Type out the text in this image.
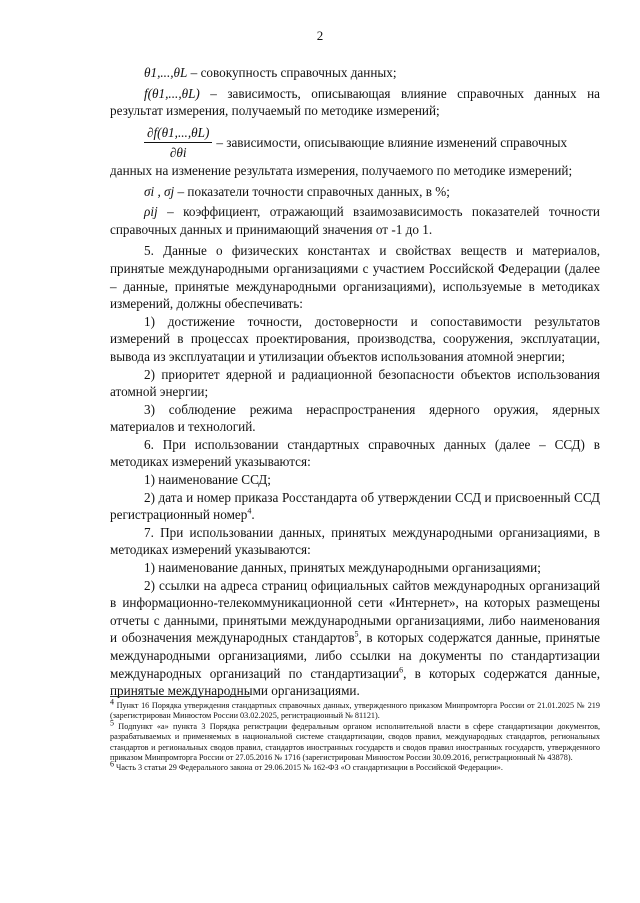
2

θ1,...,θL – совокупность справочных данных;

f(θ1,...,θL) – зависимость, описывающая влияние справочных данных на результат измерения, получаемый по методике измерений;

$\frac{\partial f(\theta 1,...,\theta L)}{\partial\theta i}$ – зависимости, описывающие влияние изменений справочных

данных на изменение результата измерения, получаемого по методике измерений;

σi , σj – показатели точности справочных данных, в %;

ρij – коэффициент, отражающий взаимозависимость показателей точности справочных данных и принимающий значения от -1 до 1.

5. Данные о физических константах и свойствах веществ и материалов, принятые международными организациями с участием Российской Федерации (далее – данные, принятые международными организациями), используемые в методиках измерений, должны обеспечивать:

1) достижение точности, достоверности и сопоставимости результатов измерений в процессах проектирования, производства, сооружения, эксплуатации, вывода из эксплуатации и утилизации объектов использования атомной энергии;

2) приоритет ядерной и радиационной безопасности объектов использования атомной энергии;

3) соблюдение режима нераспространения ядерного оружия, ядерных материалов и технологий.

6. При использовании стандартных справочных данных (далее – ССД) в методиках измерений указываются:

1) наименование ССД;

2) дата и номер приказа Росстандарта об утверждении ССД и присвоенный ССД регистрационный номер$^4$.

7. При использовании данных, принятых международными организациями, в методиках измерений указываются:

1) наименование данных, принятых международными организациями;

2) ссылки на адреса страниц официальных сайтов международных организаций в информационно-телекоммуникационной сети «Интернет», на которых размещены отчеты с данными, принятыми международными организациями, либо наименования и обозначения международных стандартов$^5$, в которых содержатся данные, принятые международными организациями, либо ссылки на документы по стандартизации международных организаций по стандартизации$^6$, в которых содержатся данные, принятые международными организациями.

$^4$ Пункт 16 Порядка утверждения стандартных справочных данных, утвержденного приказом Минпромторга России от 21.01.2025 № 219 (зарегистрирован Минюстом России 03.02.2025, регистрационный № 81121).

$^5$ Подпункт «а» пункта 3 Порядка регистрации федеральным органом исполнительной власти в сфере стандартизации документов, разрабатываемых и применяемых в национальной системе стандартизации, сводов правил, международных стандартов, региональных стандартов и региональных сводов правил, стандартов иностранных государств и сводов правил иностранных государств, утвержденного приказом Минпромторга России от 27.05.2016 № 1716 (зарегистрирован Минюстом России 30.09.2016, регистрационный № 43878).

$^6$ Часть 3 статьи 29 Федерального закона от 29.06.2015 № 162-ФЗ «О стандартизации в Российской Федерации».
